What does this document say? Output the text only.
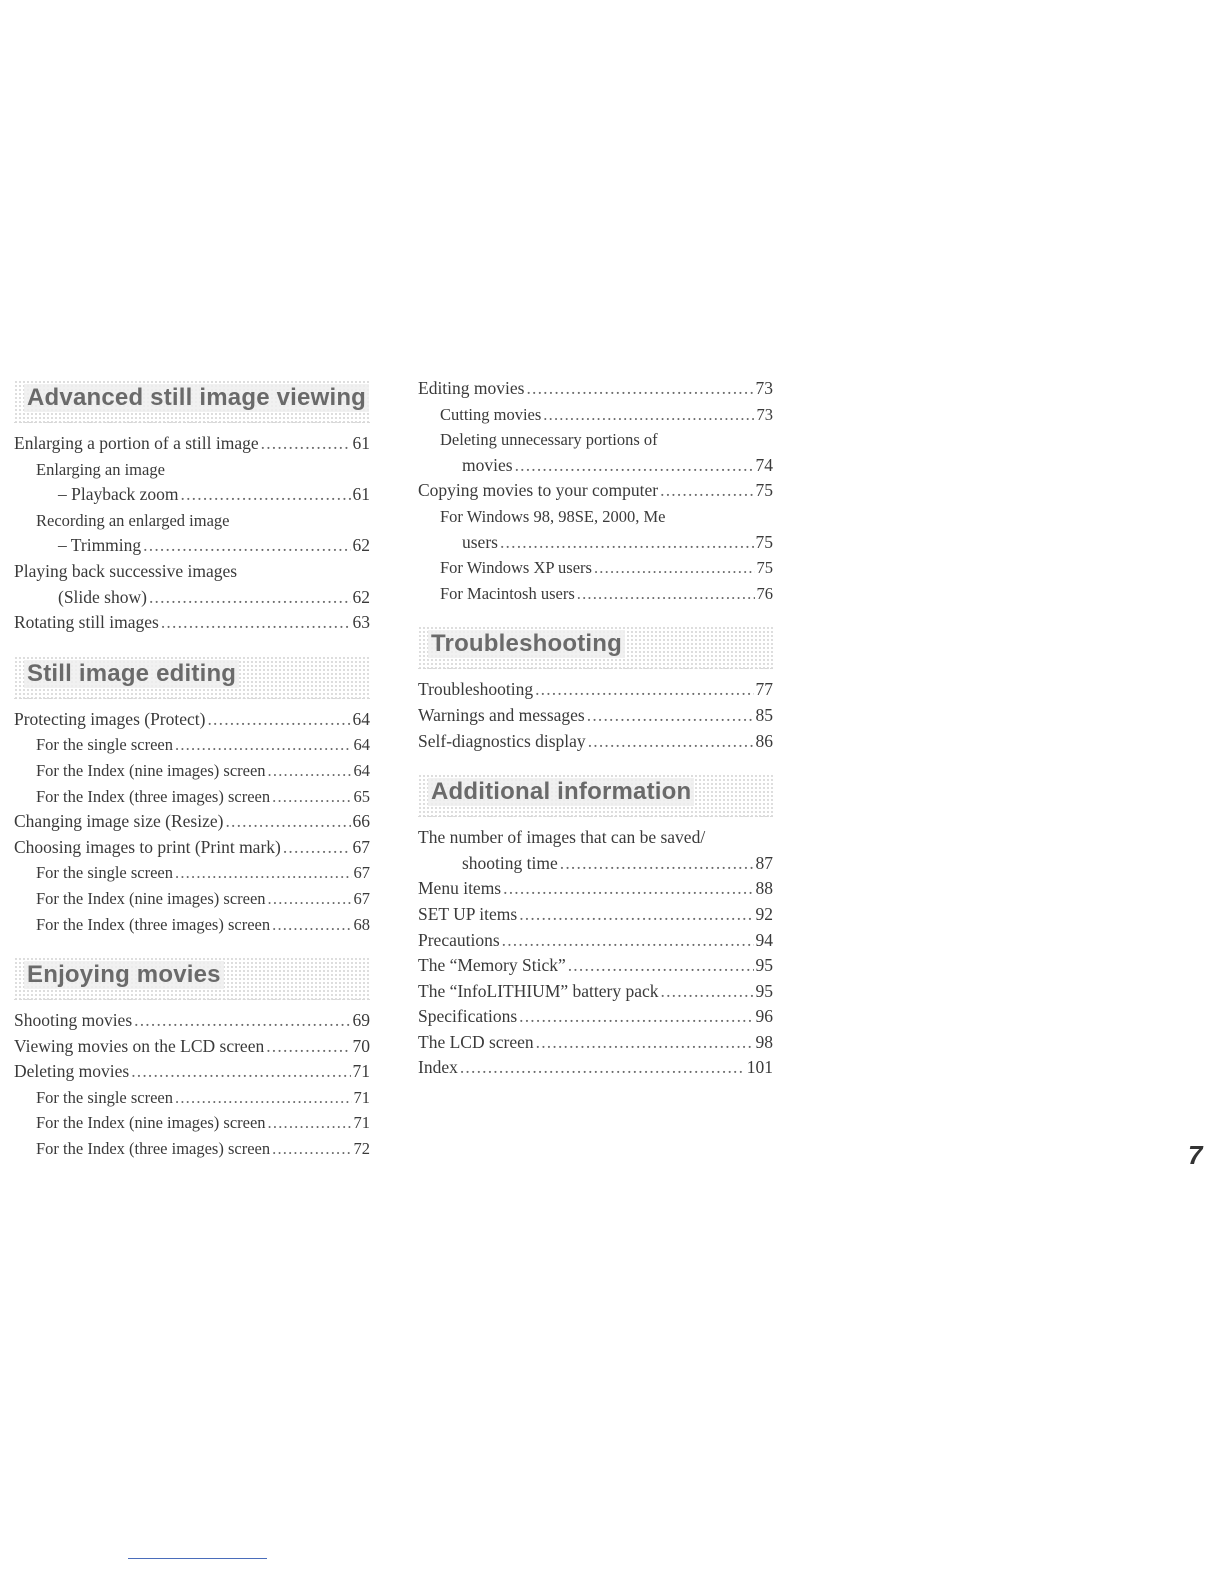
Advanced still image viewing
Enlarging a portion of a still image .....	61
Enlarging an image
– Playback zoom .....	61
Recording an enlarged image
– Trimming .....	62
Playing back successive images
(Slide show) .....	62
Rotating still images .....	63
Still image editing
Protecting images (Protect) .....	64
For the single screen .....	64
For the Index (nine images) screen .....	64
For the Index (three images) screen .....	65
Changing image size (Resize) .....	66
Choosing images to print (Print mark) .....	67
For the single screen .....	67
For the Index (nine images) screen .....	67
For the Index (three images) screen .....	68
Enjoying movies
Shooting movies .....	69
Viewing movies on the LCD screen .....	70
Deleting movies .....	71
For the single screen .....	71
For the Index (nine images) screen .....	71
For the Index (three images) screen .....	72
Editing movies .....	73
Cutting movies .....	73
Deleting unnecessary portions of
movies .....	74
Copying movies to your computer .....	75
For Windows 98, 98SE, 2000, Me
users .....	75
For Windows XP users .....	75
For Macintosh users .....	76
Troubleshooting
Troubleshooting .....	77
Warnings and messages .....	85
Self-diagnostics display .....	86
Additional information
The number of images that can be saved/
shooting time .....	87
Menu items .....	88
SET UP items .....	92
Precautions .....	94
The “Memory Stick” .....	95
The “InfoLITHIUM” battery pack .....	95
Specifications .....	96
The LCD screen .....	98
Index .....	101
7
